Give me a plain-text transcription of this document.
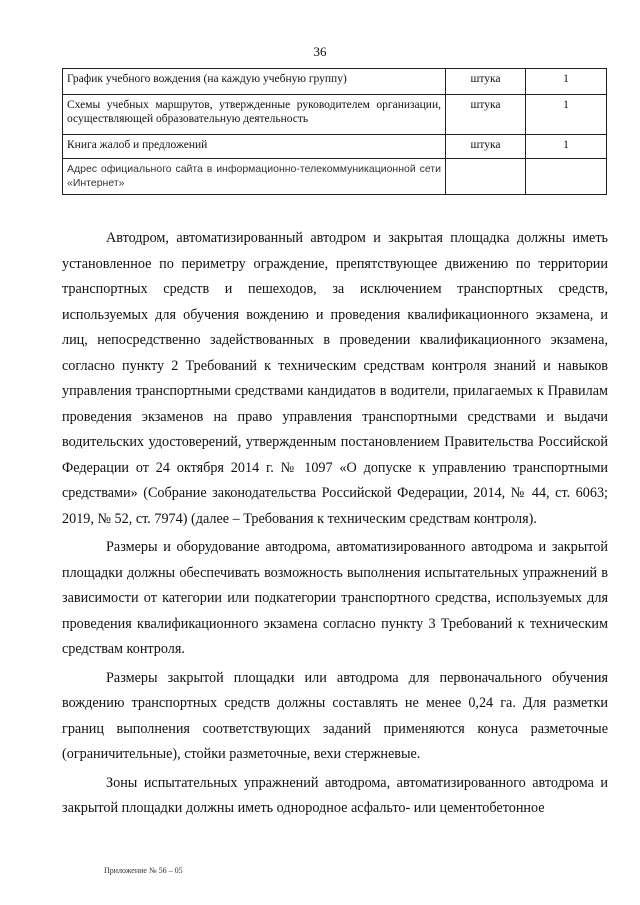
36
График учебного вождения (на каждую учебную группу)	штука	1
Схемы учебных маршрутов, утвержденные руководителем организации, осуществляющей образовательную деятельность	штука	1
Книга жалоб и предложений	штука	1
Адрес официального сайта в информационно-телекоммуникационной сети «Интернет»		

Автодром, автоматизированный автодром и закрытая площадка должны иметь установленное по периметру ограждение, препятствующее движению по территории транспортных средств и пешеходов, за исключением транспортных средств, используемых для обучения вождению и проведения квалификационного экзамена, и лиц, непосредственно задействованных в проведении квалификационного экзамена, согласно пункту 2 Требований к техническим средствам контроля знаний и навыков управления транспортными средствами кандидатов в водители, прилагаемых к Правилам проведения экзаменов на право управления транспортными средствами и выдачи водительских удостоверений, утвержденным постановлением Правительства Российской Федерации от 24 октября 2014 г. № 1097 «О допуске к управлению транспортными средствами» (Собрание законодательства Российской Федерации, 2014, № 44, ст. 6063; 2019, № 52, ст. 7974) (далее – Требования к техническим средствам контроля).

Размеры и оборудование автодрома, автоматизированного автодрома и закрытой площадки должны обеспечивать возможность выполнения испытательных упражнений в зависимости от категории или подкатегории транспортного средства, используемых для проведения квалификационного экзамена согласно пункту 3 Требований к техническим средствам контроля.

Размеры закрытой площадки или автодрома для первоначального обучения вождению транспортных средств должны составлять не менее 0,24 га. Для разметки границ выполнения соответствующих заданий применяются конуса разметочные (ограничительные), стойки разметочные, вехи стержневые.

Зоны испытательных упражнений автодрома, автоматизированного автодрома и закрытой площадки должны иметь однородное асфальто- или цементобетонное

Приложение № 56 – 05
